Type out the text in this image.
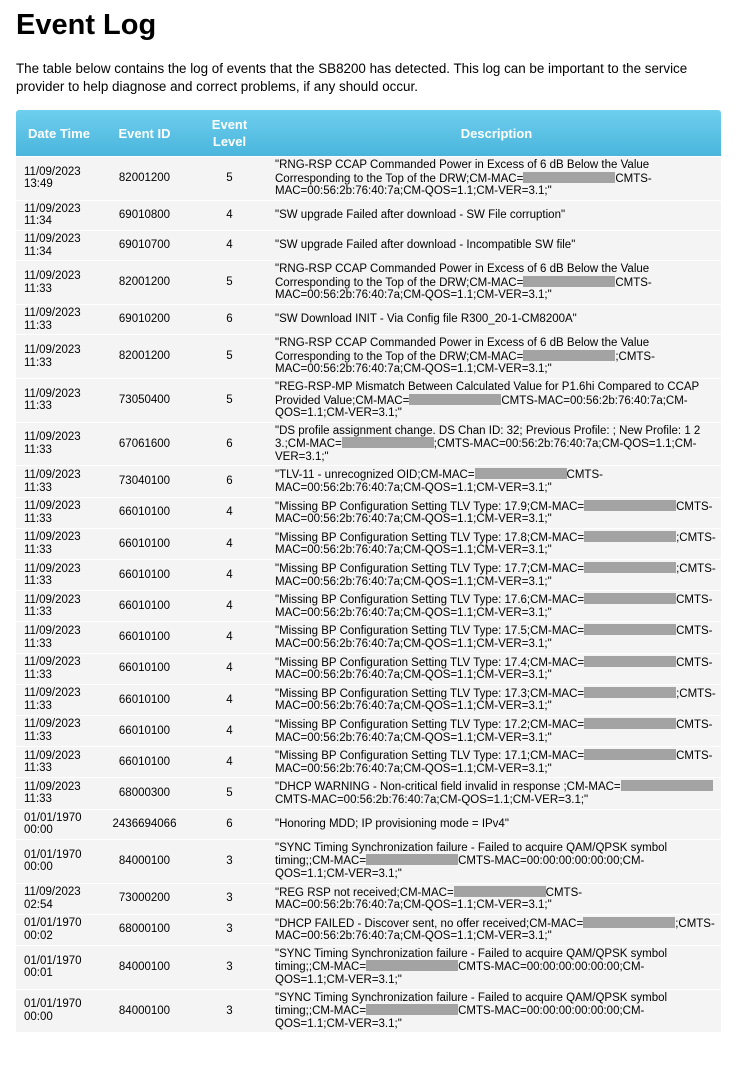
Event Log

The table below contains the log of events that the SB8200 has detected. This log can be important to the service provider to help diagnose and correct problems, if any should occur.

Date Time	Event ID	Event Level	Description
11/09/2023
13:49	82001200	5	"RNG-RSP CCAP Commanded Power in Excess of 6 dB Below the Value Corresponding to the Top of the DRW;CM-MAC= CMTS-MAC=00:56:2b:76:40:7a;CM-QOS=1.1;CM-VER=3.1;"
11/09/2023
11:34	69010800	4	"SW upgrade Failed after download - SW File corruption"
11/09/2023
11:34	69010700	4	"SW upgrade Failed after download - Incompatible SW file"
11/09/2023
11:33	82001200	5	"RNG-RSP CCAP Commanded Power in Excess of 6 dB Below the Value Corresponding to the Top of the DRW;CM-MAC= CMTS-MAC=00:56:2b:76:40:7a;CM-QOS=1.1;CM-VER=3.1;"
11/09/2023
11:33	69010200	6	"SW Download INIT - Via Config file R300_20-1-CM8200A"
11/09/2023
11:33	82001200	5	"RNG-RSP CCAP Commanded Power in Excess of 6 dB Below the Value Corresponding to the Top of the DRW;CM-MAC= ;CMTS-MAC=00:56:2b:76:40:7a;CM-QOS=1.1;CM-VER=3.1;"
11/09/2023
11:33	73050400	5	"REG-RSP-MP Mismatch Between Calculated Value for P1.6hi Compared to CCAP Provided Value;CM-MAC= CMTS-MAC=00:56:2b:76:40:7a;CM-QOS=1.1;CM-VER=3.1;"
11/09/2023
11:33	67061600	6	"DS profile assignment change. DS Chan ID: 32; Previous Profile: ; New Profile: 1 2 3.;CM-MAC= ;CMTS-MAC=00:56:2b:76:40:7a;CM-QOS=1.1;CM-VER=3.1;"
11/09/2023
11:33	73040100	6	"TLV-11 - unrecognized OID;CM-MAC= CMTS-MAC=00:56:2b:76:40:7a;CM-QOS=1.1;CM-VER=3.1;"
11/09/2023
11:33	66010100	4	"Missing BP Configuration Setting TLV Type: 17.9;CM-MAC= CMTS-MAC=00:56:2b:76:40:7a;CM-QOS=1.1;CM-VER=3.1;"
11/09/2023
11:33	66010100	4	"Missing BP Configuration Setting TLV Type: 17.8;CM-MAC= ;CMTS-MAC=00:56:2b:76:40:7a;CM-QOS=1.1;CM-VER=3.1;"
11/09/2023
11:33	66010100	4	"Missing BP Configuration Setting TLV Type: 17.7;CM-MAC= ;CMTS-MAC=00:56:2b:76:40:7a;CM-QOS=1.1;CM-VER=3.1;"
11/09/2023
11:33	66010100	4	"Missing BP Configuration Setting TLV Type: 17.6;CM-MAC= CMTS-MAC=00:56:2b:76:40:7a;CM-QOS=1.1;CM-VER=3.1;"
11/09/2023
11:33	66010100	4	"Missing BP Configuration Setting TLV Type: 17.5;CM-MAC= CMTS-MAC=00:56:2b:76:40:7a;CM-QOS=1.1;CM-VER=3.1;"
11/09/2023
11:33	66010100	4	"Missing BP Configuration Setting TLV Type: 17.4;CM-MAC= CMTS-MAC=00:56:2b:76:40:7a;CM-QOS=1.1;CM-VER=3.1;"
11/09/2023
11:33	66010100	4	"Missing BP Configuration Setting TLV Type: 17.3;CM-MAC= ;CMTS-MAC=00:56:2b:76:40:7a;CM-QOS=1.1;CM-VER=3.1;"
11/09/2023
11:33	66010100	4	"Missing BP Configuration Setting TLV Type: 17.2;CM-MAC= CMTS-MAC=00:56:2b:76:40:7a;CM-QOS=1.1;CM-VER=3.1;"
11/09/2023
11:33	66010100	4	"Missing BP Configuration Setting TLV Type: 17.1;CM-MAC= CMTS-MAC=00:56:2b:76:40:7a;CM-QOS=1.1;CM-VER=3.1;"
11/09/2023
11:33	68000300	5	"DHCP WARNING - Non-critical field invalid in response ;CM-MAC=CMTS-MAC=00:56:2b:76:40:7a;CM-QOS=1.1;CM-VER=3.1;"
01/01/1970
00:00	2436694066	6	"Honoring MDD; IP provisioning mode = IPv4"
01/01/1970
00:00	84000100	3	"SYNC Timing Synchronization failure - Failed to acquire QAM/QPSK symbol timing;;CM-MAC= CMTS-MAC=00:00:00:00:00:00;CM-QOS=1.1;CM-VER=3.1;"
11/09/2023
02:54	73000200	3	"REG RSP not received;CM-MAC= CMTS-MAC=00:56:2b:76:40:7a;CM-QOS=1.1;CM-VER=3.1;"
01/01/1970
00:02	68000100	3	"DHCP FAILED - Discover sent, no offer received;CM-MAC= ;CMTS-MAC=00:56:2b:76:40:7a;CM-QOS=1.1;CM-VER=3.1;"
01/01/1970
00:01	84000100	3	"SYNC Timing Synchronization failure - Failed to acquire QAM/QPSK symbol timing;;CM-MAC= CMTS-MAC=00:00:00:00:00:00;CM-QOS=1.1;CM-VER=3.1;"
01/01/1970
00:00	84000100	3	"SYNC Timing Synchronization failure - Failed to acquire QAM/QPSK symbol timing;;CM-MAC= CMTS-MAC=00:00:00:00:00:00;CM-QOS=1.1;CM-VER=3.1;"
